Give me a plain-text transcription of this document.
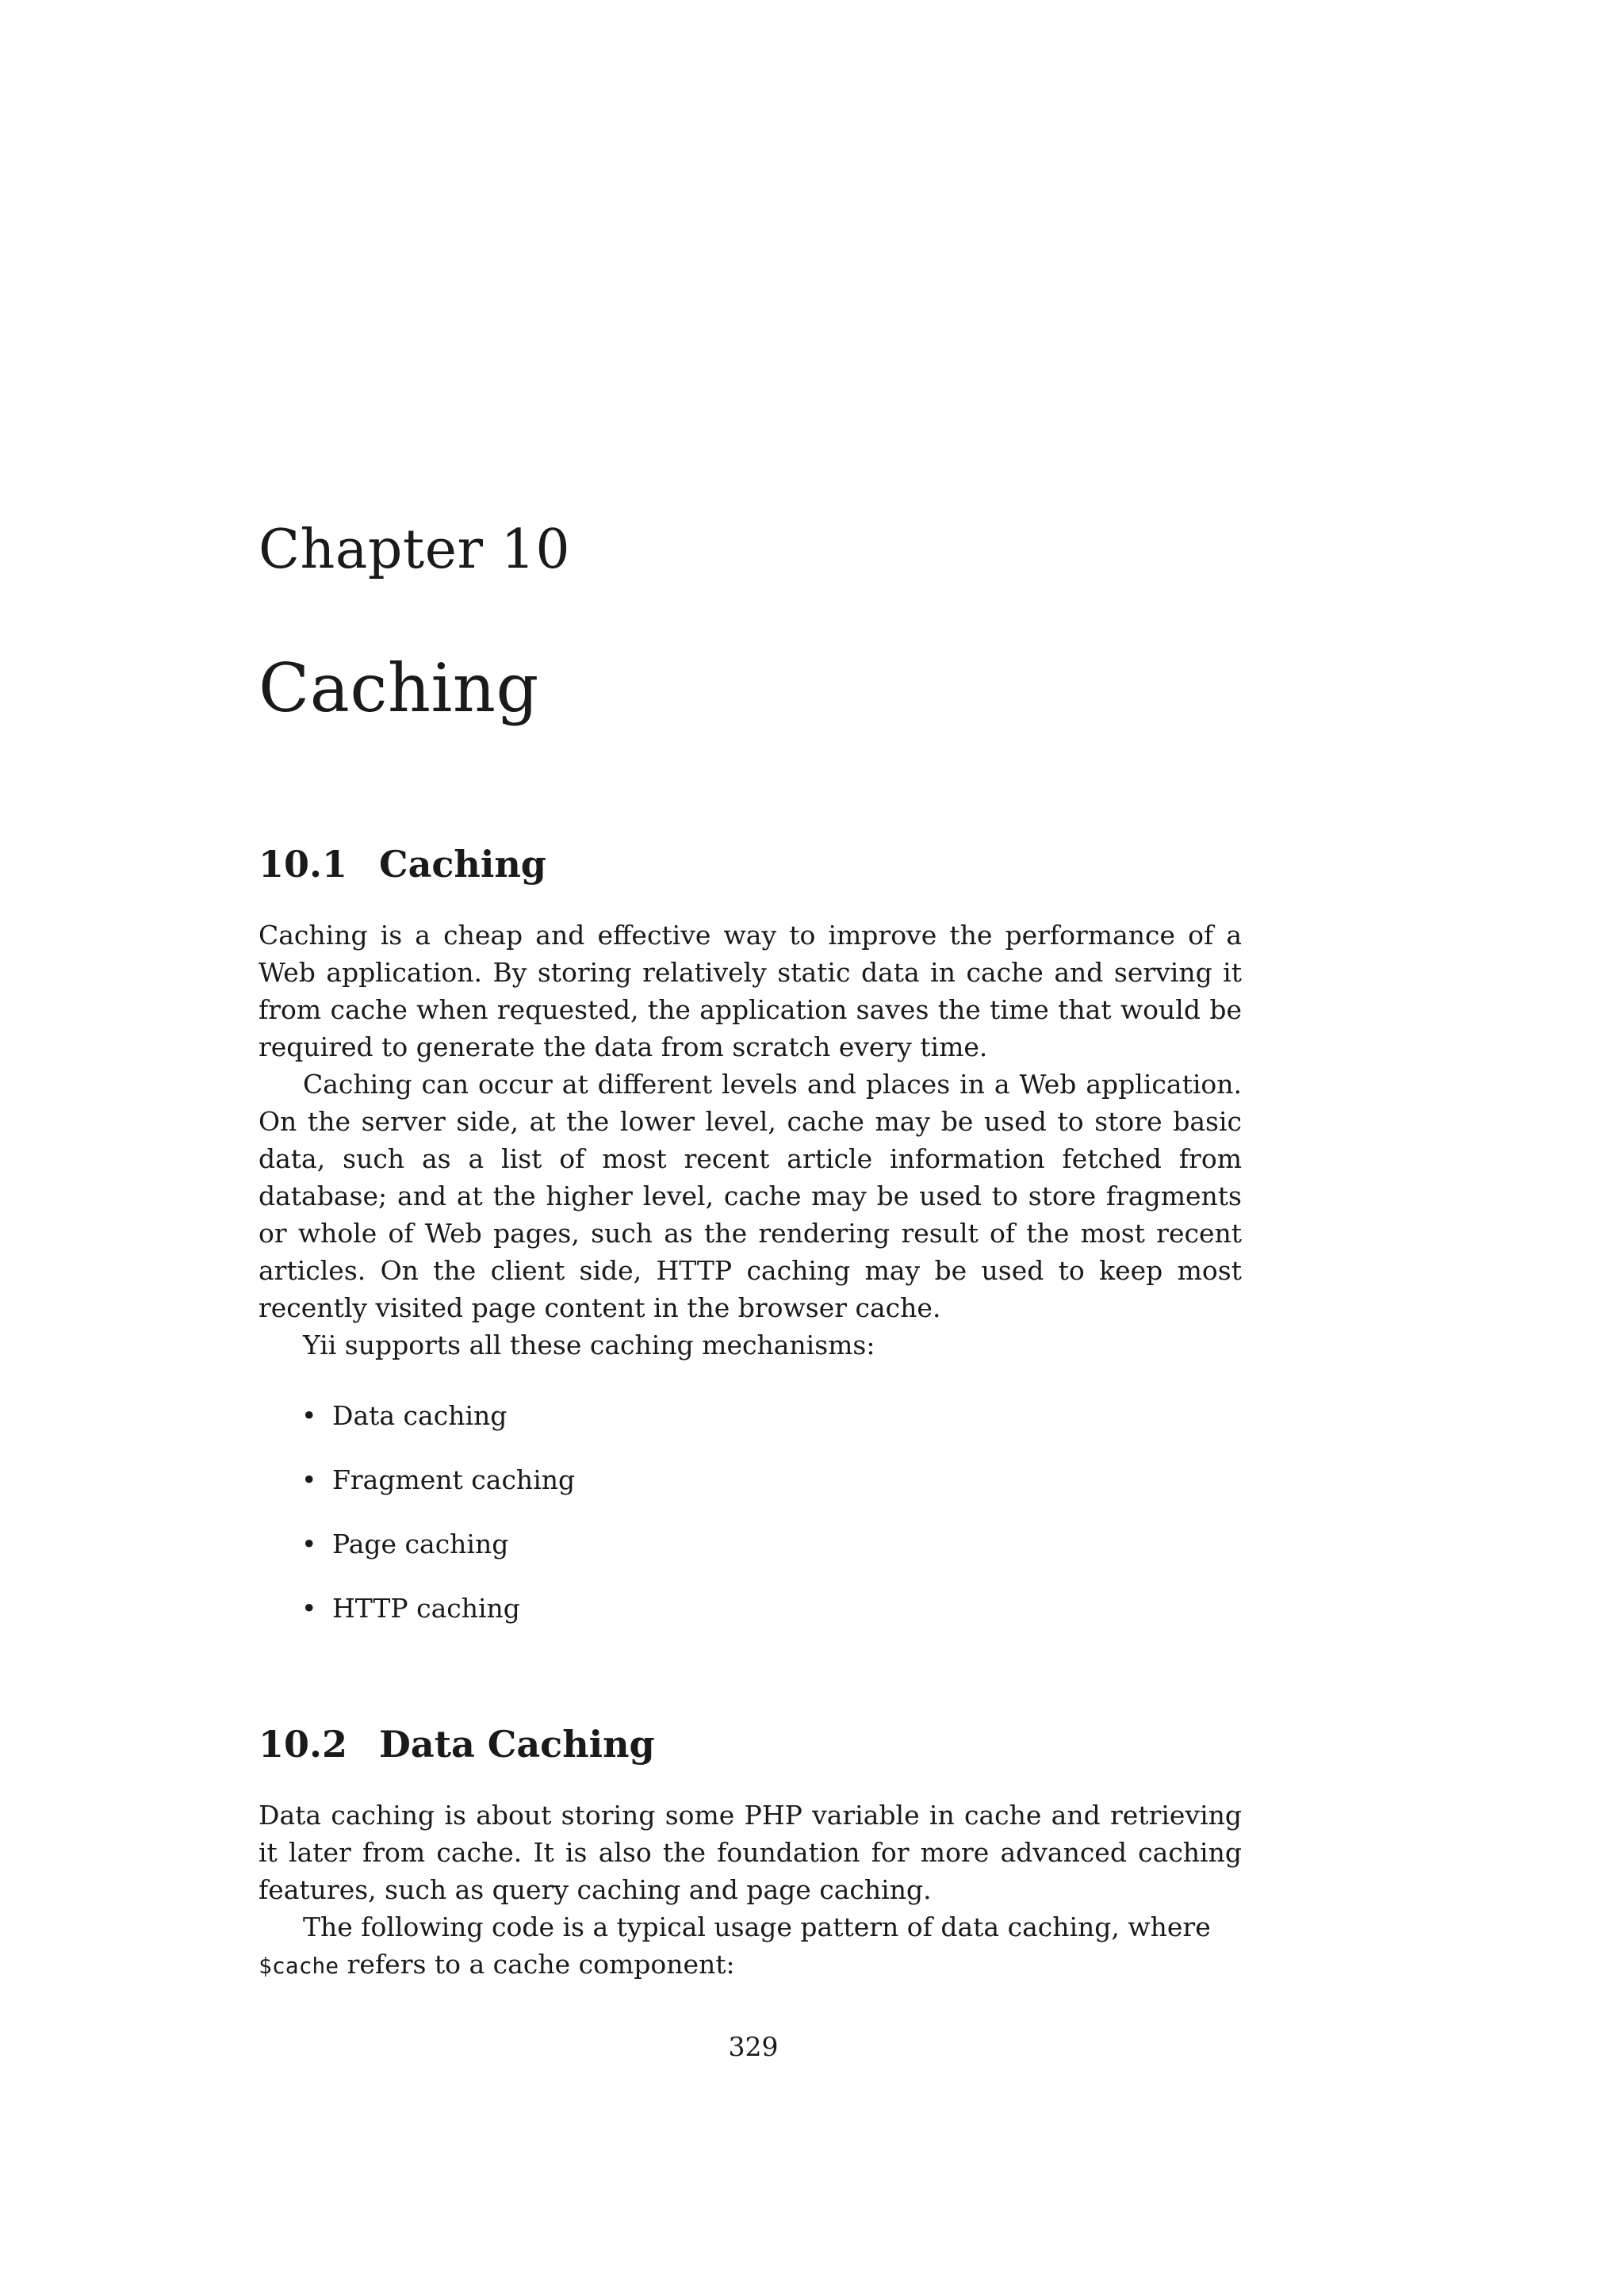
Chapter 10
Caching
10.1 Caching

Caching is a cheap and effective way to improve the performance of a Web application. By storing relatively static data in cache and serving it from cache when requested, the application saves the time that would be required to generate the data from scratch every time.

Caching can occur at different levels and places in a Web application. On the server side, at the lower level, cache may be used to store basic data, such as a list of most recent article information fetched from database; and at the higher level, cache may be used to store fragments or whole of Web pages, such as the rendering result of the most recent articles. On the client side, HTTP caching may be used to keep most recently visited page content in the browser cache.

Yii supports all these caching mechanisms:

• Data caching
• Fragment caching
• Page caching
• HTTP caching
10.2 Data Caching

Data caching is about storing some PHP variable in cache and retrieving it later from cache. It is also the foundation for more advanced caching features, such as query caching and page caching.

The following code is a typical usage pattern of data caching, where

$cache refers to a cache component:

329
